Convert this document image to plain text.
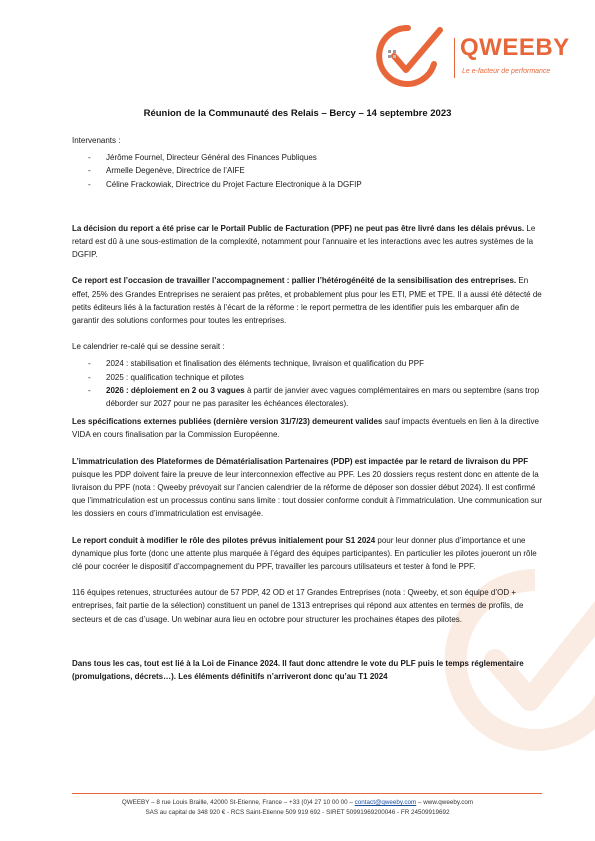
QWEEBY
Le e-facteur de performance
Réunion de la Communauté des Relais – Bercy – 14 septembre 2023

Intervenants :

- Jérôme Fournel, Directeur Général des Finances Publiques
- Armelle Degenève, Directrice de l’AIFE
- Céline Frackowiak, Directrice du Projet Facture Electronique à la DGFIP

La décision du report a été prise car le Portail Public de Facturation (PPF) ne peut pas être livré dans les délais prévus. Le retard est dû à une sous-estimation de la complexité, notamment pour l’annuaire et les interactions avec les autres systèmes de la DGFIP.

Ce report est l’occasion de travailler l’accompagnement : pallier l’hétérogénéité de la sensibilisation des entreprises. En effet, 25% des Grandes Entreprises ne seraient pas prêtes, et probablement plus pour les ETI, PME et TPE. Il a aussi été détecté de petits éditeurs liés à la facturation restés à l’écart de la réforme : le report permettra de les identifier puis les embarquer afin de garantir des solutions conformes pour toutes les entreprises.

Le calendrier re-calé qui se dessine serait :

- 2024 : stabilisation et finalisation des éléments technique, livraison et qualification du PPF
- 2025 : qualification technique et pilotes
- 2026 : déploiement en 2 ou 3 vagues à partir de janvier avec vagues complémentaires en mars ou septembre (sans trop déborder sur 2027 pour ne pas parasiter les échéances électorales).

Les spécifications externes publiées (dernière version 31/7/23) demeurent valides sauf impacts éventuels en lien à la directive VIDA en cours finalisation par la Commission Européenne.

L’immatriculation des Plateformes de Dématérialisation Partenaires (PDP) est impactée par le retard de livraison du PPF puisque les PDP doivent faire la preuve de leur interconnexion effective au PPF. Les 20 dossiers reçus restent donc en attente de la livraison du PPF (nota : Qweeby prévoyait sur l’ancien calendrier de la réforme de déposer son dossier début 2024). Il est confirmé que l’immatriculation est un processus continu sans limite : tout dossier conforme conduit à l’immatriculation. Une communication sur les dossiers en cours d’immatriculation est envisagée.

Le report conduit à modifier le rôle des pilotes prévus initialement pour S1 2024 pour leur donner plus d’importance et une dynamique plus forte (donc une attente plus marquée à l’égard des équipes participantes). En particulier les pilotes joueront un rôle clé pour cocréer le dispositif d’accompagnement du PPF, travailler les parcours utilisateurs et tester à fond le PPF.

116 équipes retenues, structurées autour de 57 PDP, 42 OD et 17 Grandes Entreprises (nota : Qweeby, et son équipe d’OD + entreprises, fait partie de la sélection) constituent un panel de 1313 entreprises qui répond aux attentes en termes de profils, de secteurs et de cas d’usage. Un webinar aura lieu en octobre pour structurer les prochaines étapes des pilotes.

Dans tous les cas, tout est lié à la Loi de Finance 2024. Il faut donc attendre le vote du PLF puis le temps réglementaire (promulgations, décrets…). Les éléments définitifs n’arriveront donc qu’au T1 2024

QWEEBY – 8 rue Louis Braille, 42000 St-Etienne, France – +33 (0)4 27 10 00 00 – contact@qweeby.com – www.qweeby.com
SAS au capital de 348 920 € - RCS Saint-Etienne 509 919 692 - SIRET 50991969200046 - FR 24509919692
